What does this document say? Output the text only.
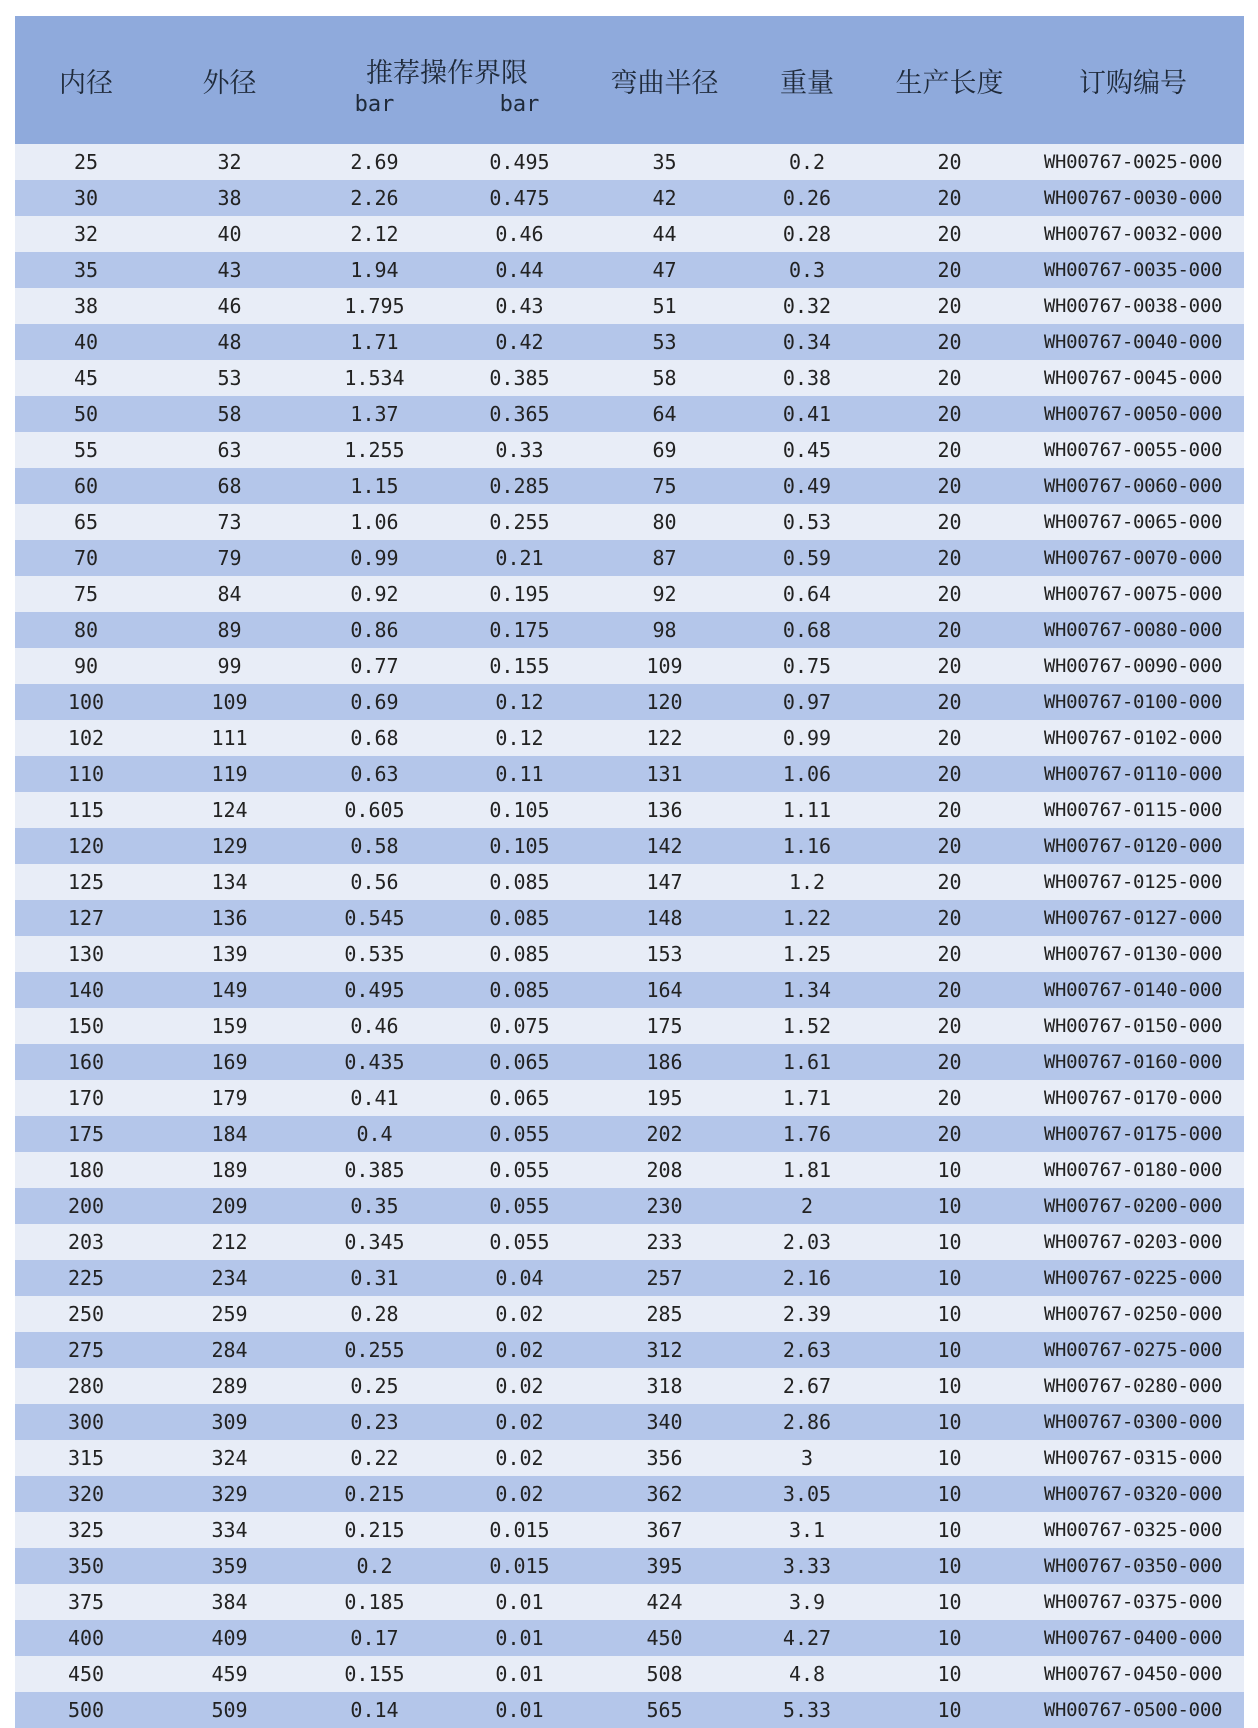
内径	外径	推荐操作界限		弯曲半径	重量	生产长度	订购编号
		bar	bar				
25	32	2.69	0.495	35	0.2	20	WH00767-0025-000
30	38	2.26	0.475	42	0.26	20	WH00767-0030-000
32	40	2.12	0.46	44	0.28	20	WH00767-0032-000
35	43	1.94	0.44	47	0.3	20	WH00767-0035-000
38	46	1.795	0.43	51	0.32	20	WH00767-0038-000
40	48	1.71	0.42	53	0.34	20	WH00767-0040-000
45	53	1.534	0.385	58	0.38	20	WH00767-0045-000
50	58	1.37	0.365	64	0.41	20	WH00767-0050-000
55	63	1.255	0.33	69	0.45	20	WH00767-0055-000
60	68	1.15	0.285	75	0.49	20	WH00767-0060-000
65	73	1.06	0.255	80	0.53	20	WH00767-0065-000
70	79	0.99	0.21	87	0.59	20	WH00767-0070-000
75	84	0.92	0.195	92	0.64	20	WH00767-0075-000
80	89	0.86	0.175	98	0.68	20	WH00767-0080-000
90	99	0.77	0.155	109	0.75	20	WH00767-0090-000
100	109	0.69	0.12	120	0.97	20	WH00767-0100-000
102	111	0.68	0.12	122	0.99	20	WH00767-0102-000
110	119	0.63	0.11	131	1.06	20	WH00767-0110-000
115	124	0.605	0.105	136	1.11	20	WH00767-0115-000
120	129	0.58	0.105	142	1.16	20	WH00767-0120-000
125	134	0.56	0.085	147	1.2	20	WH00767-0125-000
127	136	0.545	0.085	148	1.22	20	WH00767-0127-000
130	139	0.535	0.085	153	1.25	20	WH00767-0130-000
140	149	0.495	0.085	164	1.34	20	WH00767-0140-000
150	159	0.46	0.075	175	1.52	20	WH00767-0150-000
160	169	0.435	0.065	186	1.61	20	WH00767-0160-000
170	179	0.41	0.065	195	1.71	20	WH00767-0170-000
175	184	0.4	0.055	202	1.76	20	WH00767-0175-000
180	189	0.385	0.055	208	1.81	10	WH00767-0180-000
200	209	0.35	0.055	230	2	10	WH00767-0200-000
203	212	0.345	0.055	233	2.03	10	WH00767-0203-000
225	234	0.31	0.04	257	2.16	10	WH00767-0225-000
250	259	0.28	0.02	285	2.39	10	WH00767-0250-000
275	284	0.255	0.02	312	2.63	10	WH00767-0275-000
280	289	0.25	0.02	318	2.67	10	WH00767-0280-000
300	309	0.23	0.02	340	2.86	10	WH00767-0300-000
315	324	0.22	0.02	356	3	10	WH00767-0315-000
320	329	0.215	0.02	362	3.05	10	WH00767-0320-000
325	334	0.215	0.015	367	3.1	10	WH00767-0325-000
350	359	0.2	0.015	395	3.33	10	WH00767-0350-000
375	384	0.185	0.01	424	3.9	10	WH00767-0375-000
400	409	0.17	0.01	450	4.27	10	WH00767-0400-000
450	459	0.155	0.01	508	4.8	10	WH00767-0450-000
500	509	0.14	0.01	565	5.33	10	WH00767-0500-000
